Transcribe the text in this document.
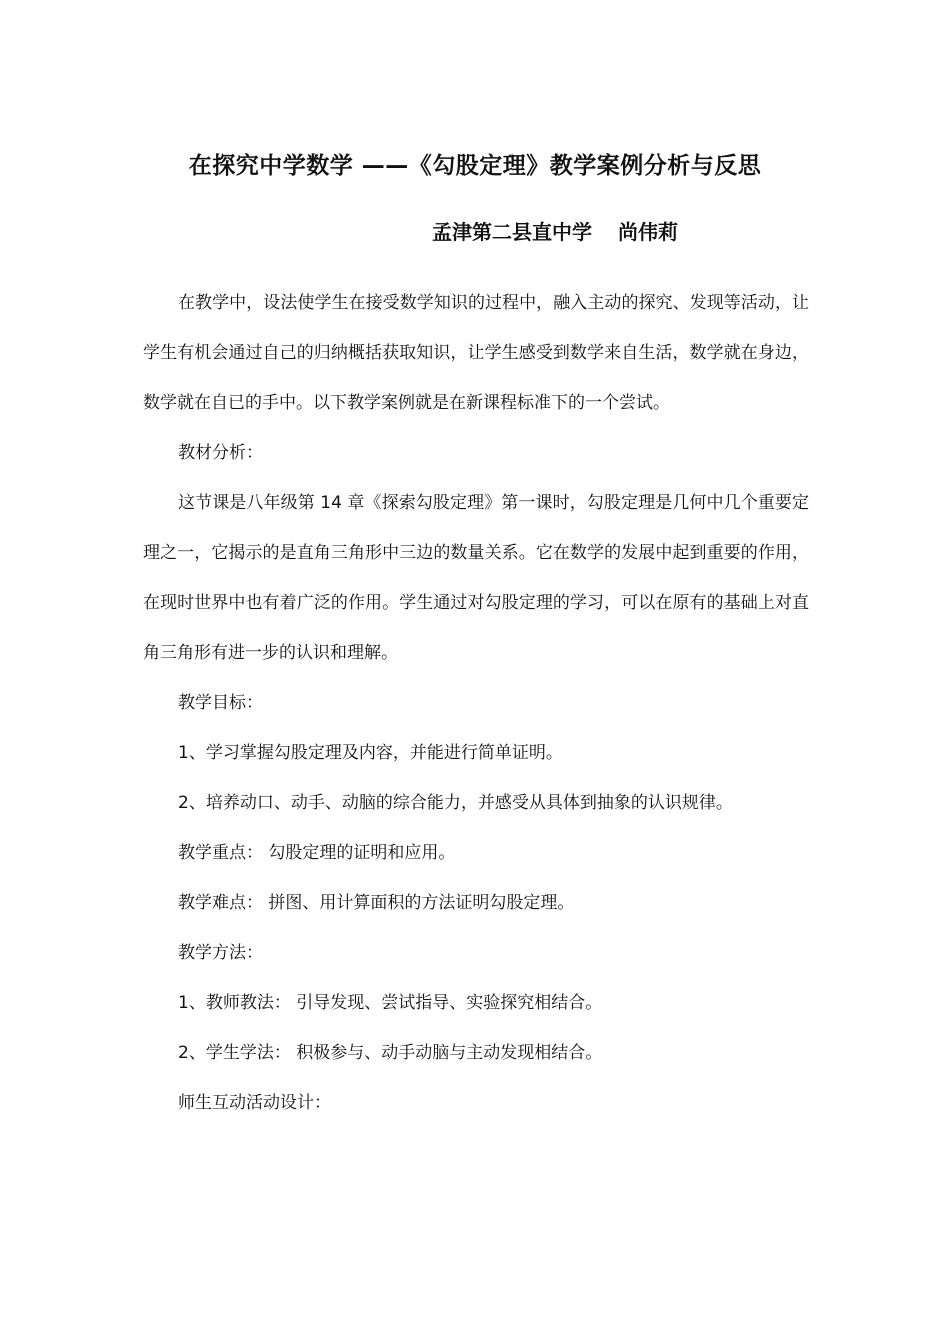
在探究中学数学 ——《勾股定理》教学案例分析与反思
孟津第二县直中学 尚伟莉

在教学中，设法使学生在接受数学知识的过程中，融入主动的探究、发现等活动，让学生有机会通过自己的归纳概括获取知识，让学生感受到数学来自生活，数学就在身边，数学就在自已的手中。以下教学案例就是在新课程标准下的一个尝试。

教材分析：

这节课是八年级第 14 章《探索勾股定理》第一课时，勾股定理是几何中几个重要定理之一，它揭示的是直角三角形中三边的数量关系。它在数学的发展中起到重要的作用，在现时世界中也有着广泛的作用。学生通过对勾股定理的学习，可以在原有的基础上对直角三角形有进一步的认识和理解。

教学目标：

1、学习掌握勾股定理及内容，并能进行简单证明。

2、培养动口、动手、动脑的综合能力，并感受从具体到抽象的认识规律。

教学重点： 勾股定理的证明和应用。

教学难点： 拼图、用计算面积的方法证明勾股定理。

教学方法：

1、教师教法： 引导发现、尝试指导、实验探究相结合。

2、学生学法： 积极参与、动手动脑与主动发现相结合。

师生互动活动设计：
